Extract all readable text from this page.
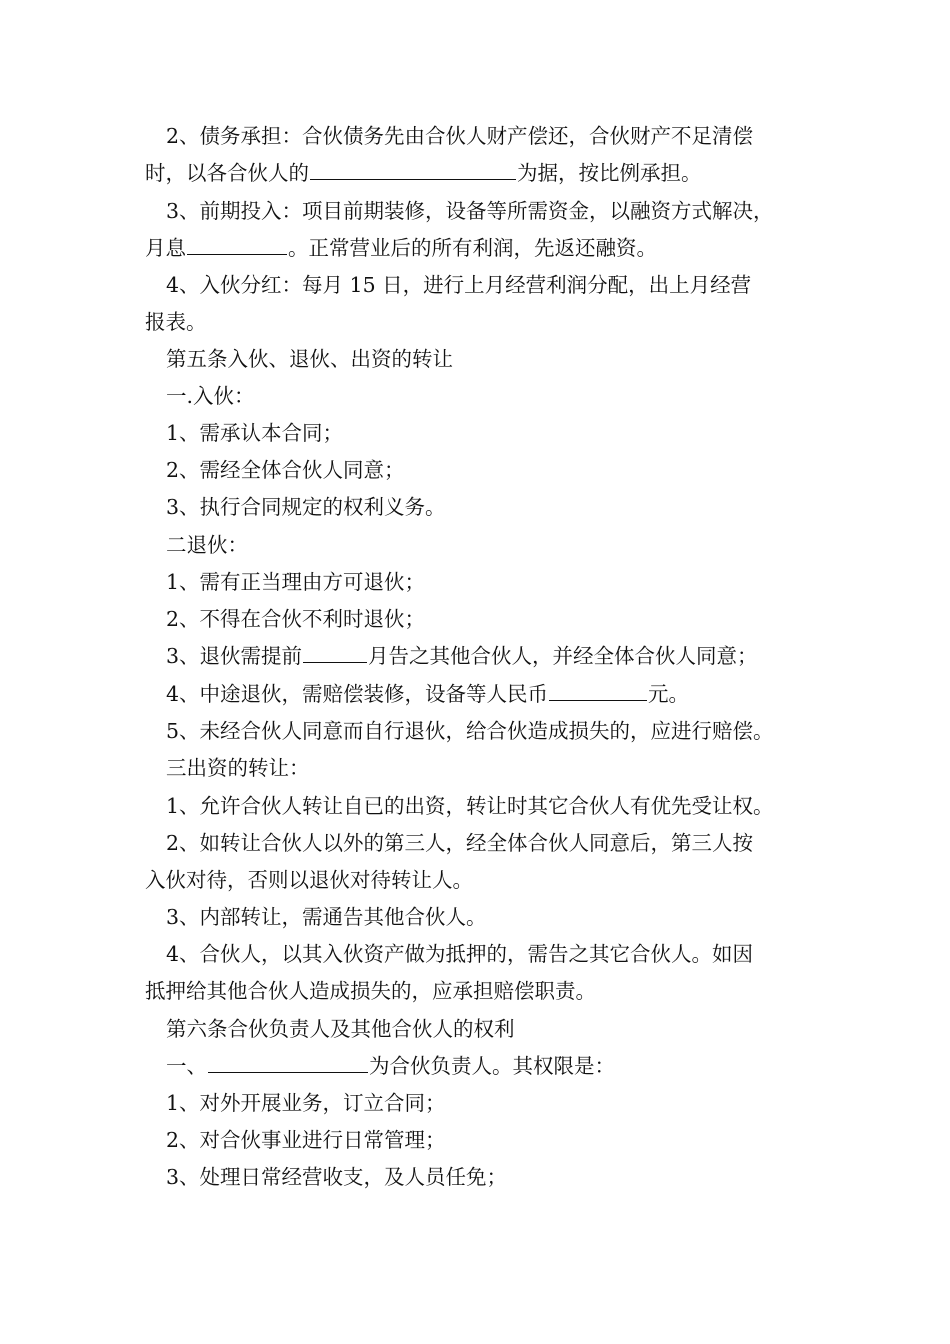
2、债务承担：合伙债务先由合伙人财产偿还，合伙财产不足清偿
时，以各合伙人的	为据，按比例承担。
3、前期投入：项目前期装修，设备等所需资金，以融资方式解决，
月息	。正常营业后的所有利润，先返还融资。
4、入伙分红：每月 15 日，进行上月经营利润分配，出上月经营
报表。
第五条入伙、退伙、出资的转让
一.入伙：
1、需承认本合同；
2、需经全体合伙人同意；
3、执行合同规定的权利义务。
二退伙：
1、需有正当理由方可退伙；
2、不得在合伙不利时退伙；
3、退伙需提前	月告之其他合伙人，并经全体合伙人同意；
4、中途退伙，需赔偿装修，设备等人民币	元。
5、未经合伙人同意而自行退伙，给合伙造成损失的，应进行赔偿。
三出资的转让：
1、允许合伙人转让自已的出资，转让时其它合伙人有优先受让权。
2、如转让合伙人以外的第三人，经全体合伙人同意后，第三人按
入伙对待，否则以退伙对待转让人。
3、内部转让，需通告其他合伙人。
4、合伙人，以其入伙资产做为抵押的，需告之其它合伙人。如因
抵押给其他合伙人造成损失的，应承担赔偿职责。
第六条合伙负责人及其他合伙人的权利
一、	为合伙负责人。其权限是：
1、对外开展业务，订立合同；
2、对合伙事业进行日常管理；
3、处理日常经营收支，及人员任免；
